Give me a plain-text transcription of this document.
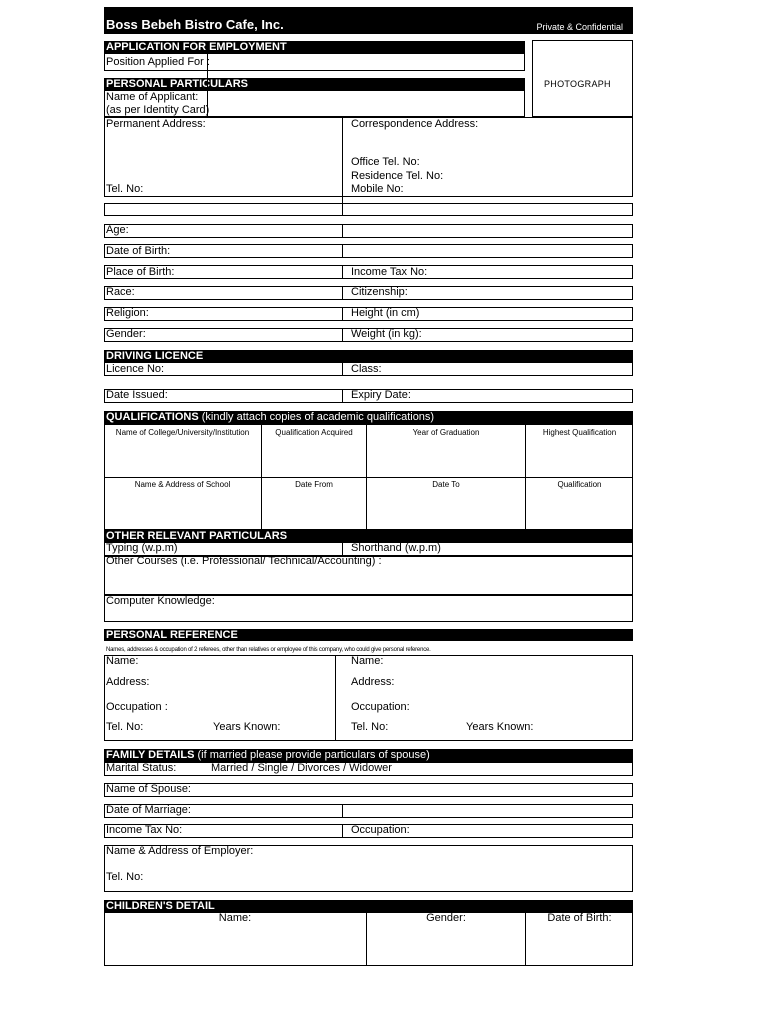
Boss Bebeh Bistro Cafe, Inc.	Private & Confidential
APPLICATION FOR EMPLOYMENT
Position Applied For :
PHOTOGRAPH
PERSONAL PARTICULARS
Name of Applicant:
(as per Identity Card)
Permanent Address:	Correspondence Address:
Office Tel. No:
Residence Tel. No:
Tel. No:	Mobile No:
Age:
Date of Birth:
Place of Birth:	Income Tax No:
Race:	Citizenship:
Religion:	Height (in cm)
Gender:	Weight (in kg):
DRIVING LICENCE
Licence No:	Class:
Date Issued:	Expiry Date:
QUALIFICATIONS (kindly attach copies of academic qualifications)
Name of College/University/Institution	Qualification Acquired	Year of Graduation	Highest Qualification
Name & Address of School	Date From	Date To	Qualification
OTHER RELEVANT PARTICULARS
Typing (w.p.m)	Shorthand (w.p.m)
Other Courses (i.e. Professional/ Technical/Accounting) :
Computer Knowledge:
PERSONAL REFERENCE
Names, addresses & occupation of 2 referees, other than relatives or employee of this company, who could give personal reference.
Name:	Name:
Address:	Address:
Occupation :	Occupation:
Tel. No:	Years Known:	Tel. No:	Years Known:
FAMILY DETAILS (if married please provide particulars of spouse)
Marital Status:	Married / Single / Divorces / Widower
Name of Spouse:
Date of Marriage:
Income Tax No:	Occupation:
Name & Address of Employer:
Tel. No:
CHILDREN'S DETAIL
Name:	Gender:	Date of Birth:
